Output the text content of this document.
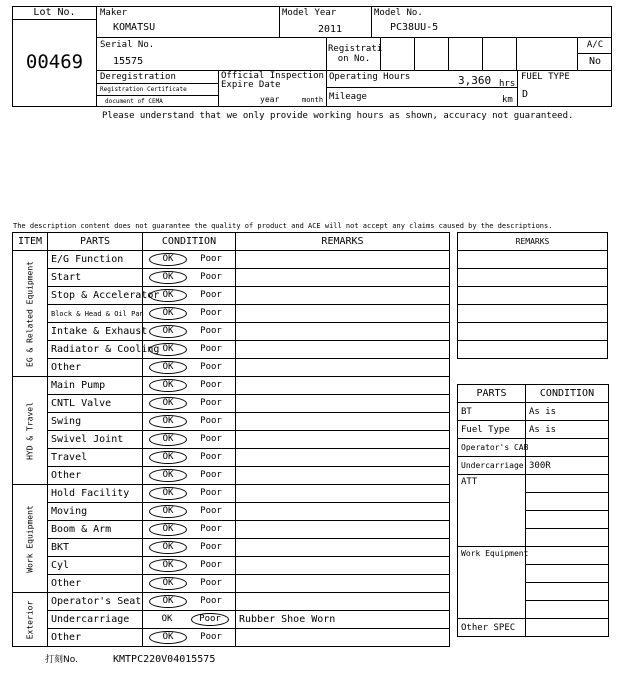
Lot No.
00469
Maker
KOMATSU
Model Year
2011
Model No.
PC38UU-5
Serial No.
15575
Registrati
on No.
A/C
No
Deregistration
Registration Certificate
document of CEMA
Official Inspection
Expire Date
year	month
Operating Hours	3,360 hrs
Mileage	km
FUEL TYPE
D
Please understand that we only provide working hours as shown, accuracy not guaranteed.
The description content does not guarantee the quality of product and ACE will not accept any claims caused by the descriptions.
ITEM	PARTS	CONDITION	REMARKS

EG & Related Equipment	E/G Function	OK Poor	
	Start	OK Poor	
	Stop & Accelerator	OK Poor	
	Block & Head & Oil Pan	OK Poor	
	Intake & Exhaust	OK Poor	
	Radiator & Cooling	OK Poor	
	Other	OK Poor	

HYD & Travel	Main Pump	OK Poor	
	CNTL Valve	OK Poor	
	Swing	OK Poor	
	Swivel Joint	OK Poor	
	Travel	OK Poor	
	Other	OK Poor	

Work Equipment	Hold Facility	OK Poor	
	Moving	OK Poor	
	Boom & Arm	OK Poor	
	BKT	OK Poor	
	Cyl	OK Poor	
	Other	OK Poor	

Exterior	Operator's Seat	OK Poor	
	Undercarriage	OK Poor	Rubber Shoe Worn
	Other	OK Poor	
REMARKS

PARTS	CONDITION
BT	As is
Fuel Type	As is
Operator's CAB	
Undercarriage	300R
ATT	

Work Equipment	

Other SPEC	
打刻No.	KMTPC220V04015575
